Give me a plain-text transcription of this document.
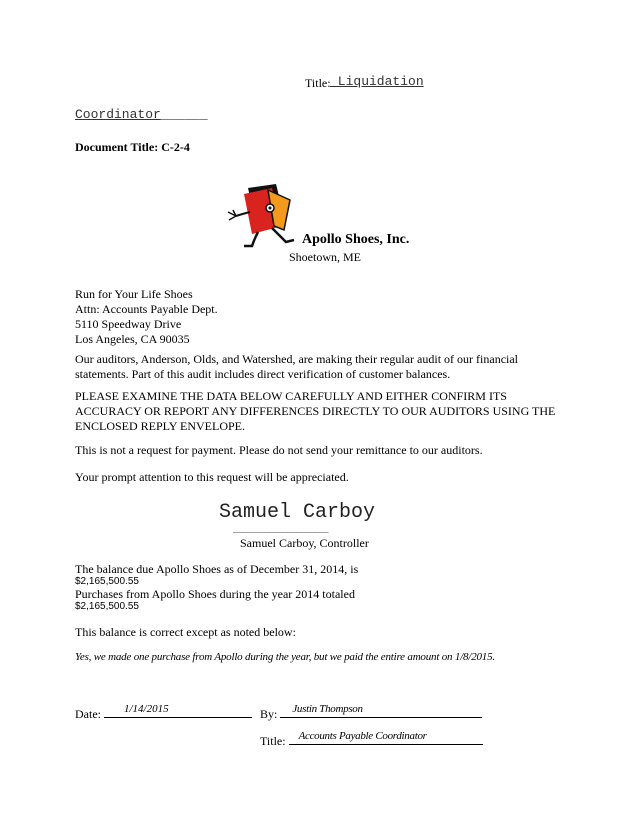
Title: _Liquidation
Coordinator______
Document Title: C-2-4
Apollo Shoes, Inc.
Shoetown, ME
Run for Your Life Shoes
Attn: Accounts Payable Dept.
5110 Speedway Drive
Los Angeles, CA 90035

Our auditors, Anderson, Olds, and Watershed, are making their regular audit of our financial statements. Part of this audit includes direct verification of customer balances.

PLEASE EXAMINE THE DATA BELOW CAREFULLY AND EITHER CONFIRM ITS ACCURACY OR REPORT ANY DIFFERENCES DIRECTLY TO OUR AUDITORS USING THE ENCLOSED REPLY ENVELOPE.

This is not a request for payment. Please do not send your remittance to our auditors.

Your prompt attention to this request will be appreciated.

Samuel Carboy
_____________________
Samuel Carboy, Controller
The balance due Apollo Shoes as of December 31, 2014, is
$2,165,500.55
Purchases from Apollo Shoes during the year 2014 totaled
$2,165,500.55
This balance is correct except as noted below:
Yes, we made one purchase from Apollo during the year, but we paid the entire amount on 1/8/2015.
Date: 1/14/2015	By: Justin Thompson
Title: Accounts Payable Coordinator
